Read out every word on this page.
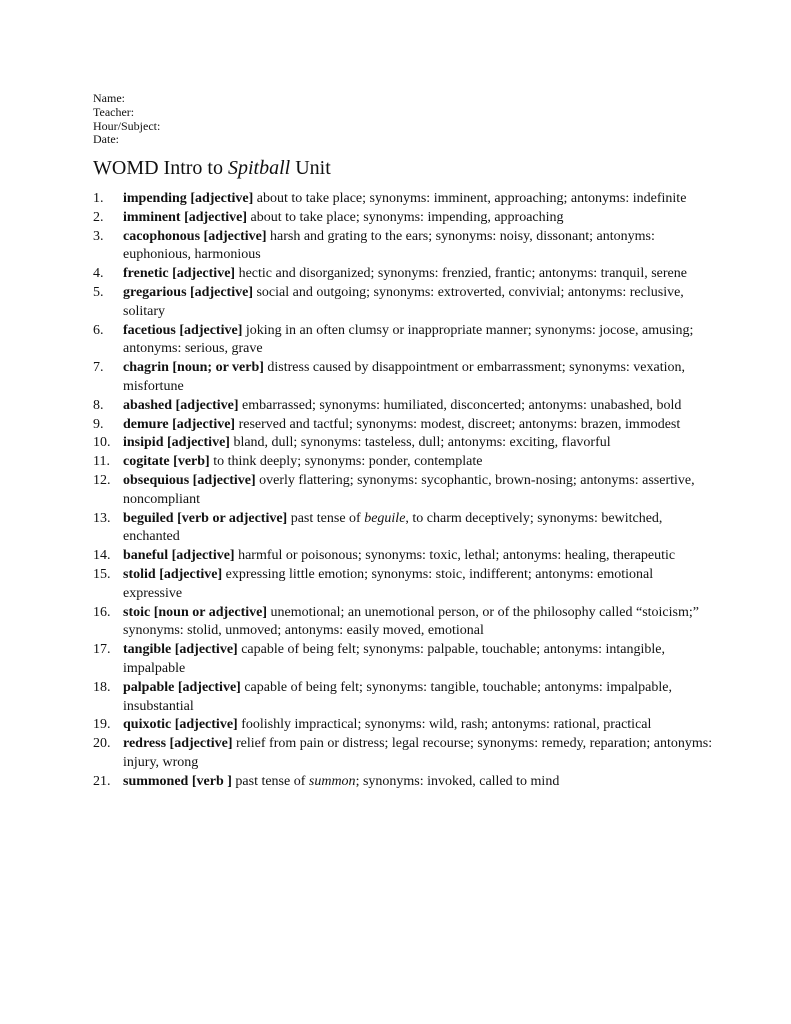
Name:
Teacher:
Hour/Subject:
Date:
WOMD Intro to Spitball Unit
1.	impending [adjective] about to take place; synonyms: imminent, approaching; antonyms: indefinite
2.	imminent [adjective] about to take place; synonyms: impending, approaching
3.	cacophonous [adjective] harsh and grating to the ears; synonyms: noisy, dissonant; antonyms: euphonious, harmonious
4.	frenetic [adjective] hectic and disorganized; synonyms: frenzied, frantic; antonyms: tranquil, serene
5.	gregarious [adjective] social and outgoing; synonyms: extroverted, convivial; antonyms: reclusive, solitary
6.	facetious [adjective] joking in an often clumsy or inappropriate manner; synonyms: jocose, amusing; antonyms: serious, grave
7.	chagrin [noun; or verb] distress caused by disappointment or embarrassment; synonyms: vexation, misfortune
8.	abashed [adjective] embarrassed; synonyms: humiliated, disconcerted; antonyms: unabashed, bold
9.	demure [adjective] reserved and tactful; synonyms: modest, discreet; antonyms: brazen, immodest
10. insipid [adjective] bland, dull; synonyms: tasteless, dull; antonyms: exciting, flavorful
11. cogitate [verb] to think deeply; synonyms: ponder, contemplate
12. obsequious [adjective] overly flattering; synonyms: sycophantic, brown-nosing; antonyms: assertive, noncompliant
13. beguiled [verb or adjective] past tense of beguile, to charm deceptively; synonyms: bewitched, enchanted
14. baneful [adjective] harmful or poisonous; synonyms: toxic, lethal; antonyms: healing, therapeutic
15. stolid [adjective] expressing little emotion; synonyms: stoic, indifferent; antonyms: emotional expressive
16. stoic [noun or adjective] unemotional; an unemotional person, or of the philosophy called “stoicism;” synonyms: stolid, unmoved; antonyms: easily moved, emotional
17. tangible [adjective] capable of being felt; synonyms: palpable, touchable; antonyms: intangible, impalpable
18. palpable [adjective] capable of being felt; synonyms: tangible, touchable; antonyms: impalpable, insubstantial
19. quixotic [adjective] foolishly impractical; synonyms: wild, rash; antonyms: rational, practical
20. redress [adjective] relief from pain or distress; legal recourse; synonyms: remedy, reparation; antonyms: injury, wrong
21. summoned [verb ] past tense of summon; synonyms: invoked, called to mind
